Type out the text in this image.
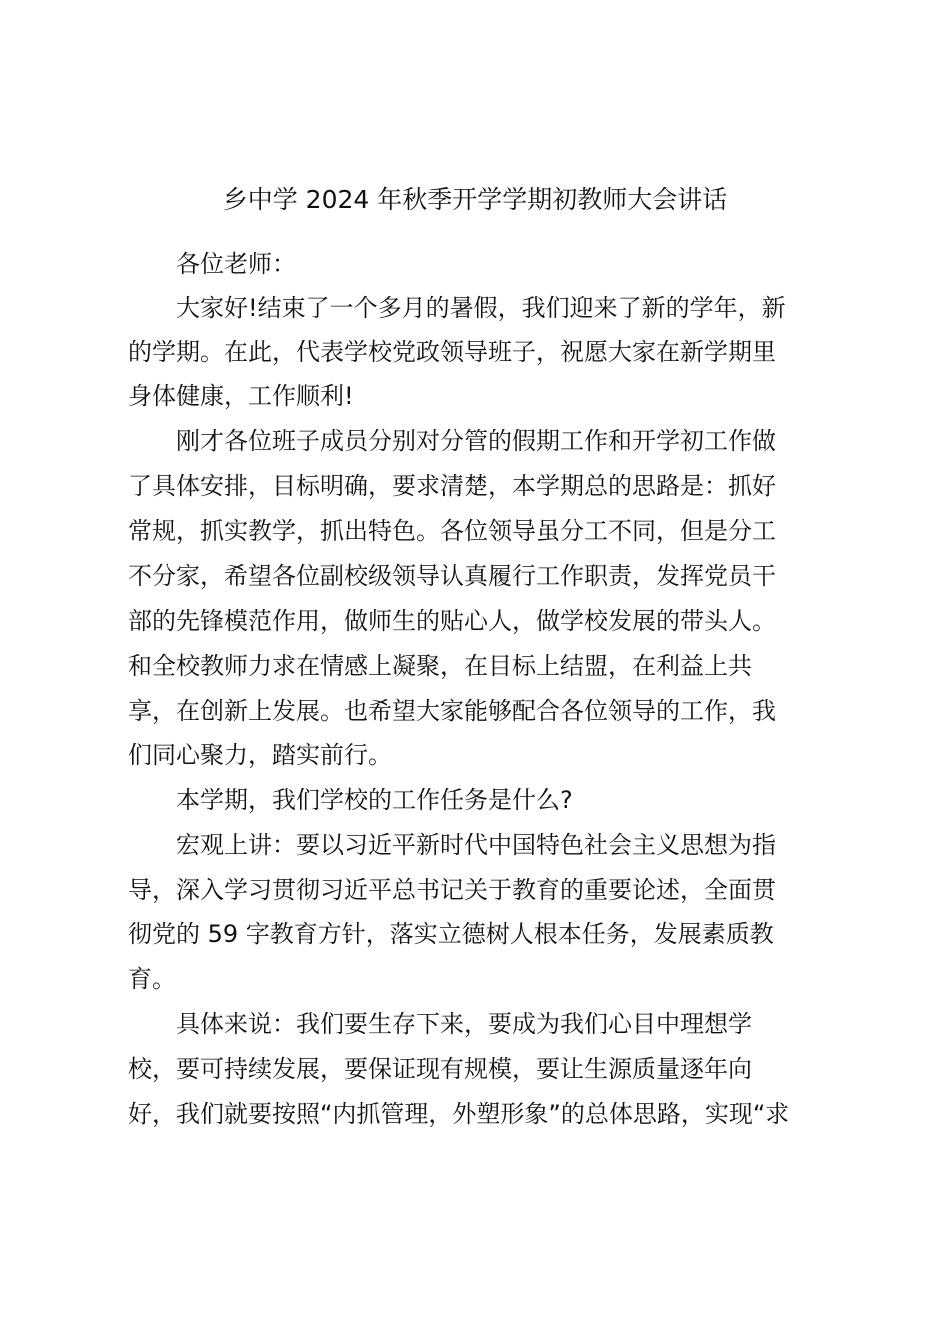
乡中学 2024 年秋季开学学期初教师大会讲话
各位老师：
大家好!结束了一个多月的暑假，我们迎来了新的学年，新
的学期。在此，代表学校党政领导班子，祝愿大家在新学期里
身体健康，工作顺利!
刚才各位班子成员分别对分管的假期工作和开学初工作做
了具体安排，目标明确，要求清楚，本学期总的思路是：抓好
常规，抓实教学，抓出特色。各位领导虽分工不同，但是分工
不分家，希望各位副校级领导认真履行工作职责，发挥党员干
部的先锋模范作用，做师生的贴心人，做学校发展的带头人。
和全校教师力求在情感上凝聚，在目标上结盟，在利益上共
享，在创新上发展。也希望大家能够配合各位领导的工作，我
们同心聚力，踏实前行。
本学期，我们学校的工作任务是什么?
宏观上讲：要以习近平新时代中国特色社会主义思想为指
导，深入学习贯彻习近平总书记关于教育的重要论述，全面贯
彻党的 59 字教育方针，落实立德树人根本任务，发展素质教
育。
具体来说：我们要生存下来，要成为我们心目中理想学
校，要可持续发展，要保证现有规模，要让生源质量逐年向
好，我们就要按照“内抓管理，外塑形象”的总体思路，实现“求
